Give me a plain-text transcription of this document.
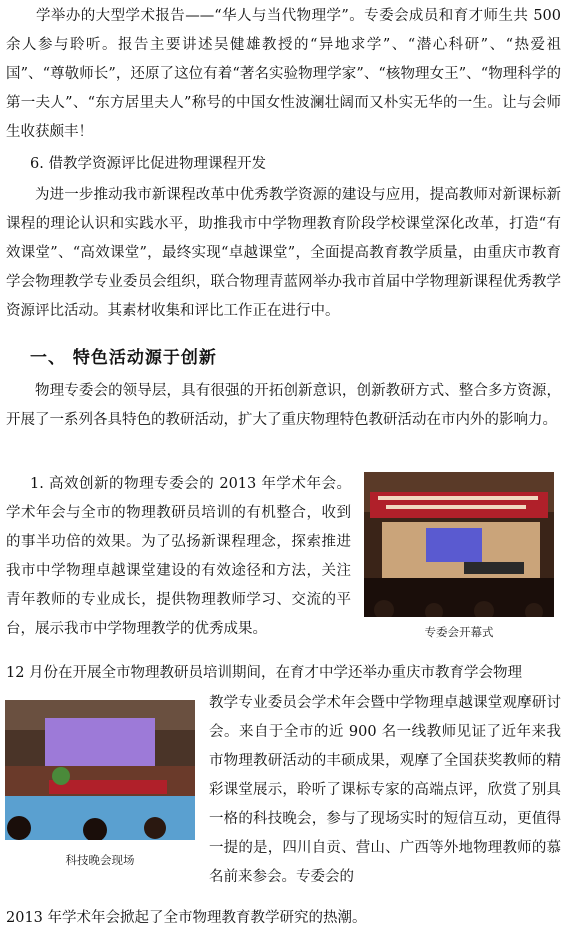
学举办的大型学术报告——“华人与当代物理学”。专委会成员和育才师生共 500 余人参与聆听。报告主要讲述吴健雄教授的“异地求学”、“潜心科研”、“热爱祖国”、“尊敬师长”，还原了这位有着“著名实验物理学家”、“核物理女王”、“物理科学的第一夫人”、“东方居里夫人”称号的中国女性波澜壮阔而又朴实无华的一生。让与会师生收获颇丰！

6. 借教学资源评比促进物理课程开发

为进一步推动我市新课程改革中优秀教学资源的建设与应用，提高教师对新课标新课程的理论认识和实践水平，助推我市中学物理教育阶段学校课堂深化改革，打造“有效课堂”、“高效课堂”，最终实现“卓越课堂”，全面提高教育教学质量，由重庆市教育学会物理教学专业委员会组织，联合物理青蓝网举办我市首届中学物理新课程优秀教学资源评比活动。其素材收集和评比工作正在进行中。

一、 特色活动源于创新

物理专委会的领导层，具有很强的开拓创新意识，创新教研方式、整合多方资源，开展了一系列各具特色的教研活动，扩大了重庆物理特色教研活动在市内外的影响力。

1. 高效创新的物理专委会的 2013 年学术年会。学术年会与全市的物理教研员培训的有机整合，收到的事半功倍的效果。为了弘扬新课程理念，探索推进我市中学物理卓越课堂建设的有效途径和方法，关注青年教师的专业成长，提供物理教师学习、交流的平台，展示我市中学物理教学的优秀成果。	专委会开幕式

12 月份在开展全市物理教研员培训期间，在育才中学还举办重庆市教育学会物理

科技晚会现场

教学专业委员会学术年会暨中学物理卓越课堂观摩研讨会。来自于全市的近 900 名一线教师见证了近年来我市物理教研活动的丰硕成果，观摩了全国获奖教师的精彩课堂展示，聆听了课标专家的高端点评，欣赏了别具一格的科技晚会，参与了现场实时的短信互动，更值得一提的是，四川自贡、营山、广西等外地物理教师的慕名前来参会。专委会的

2013 年学术年会掀起了全市物理教育教学研究的热潮。
